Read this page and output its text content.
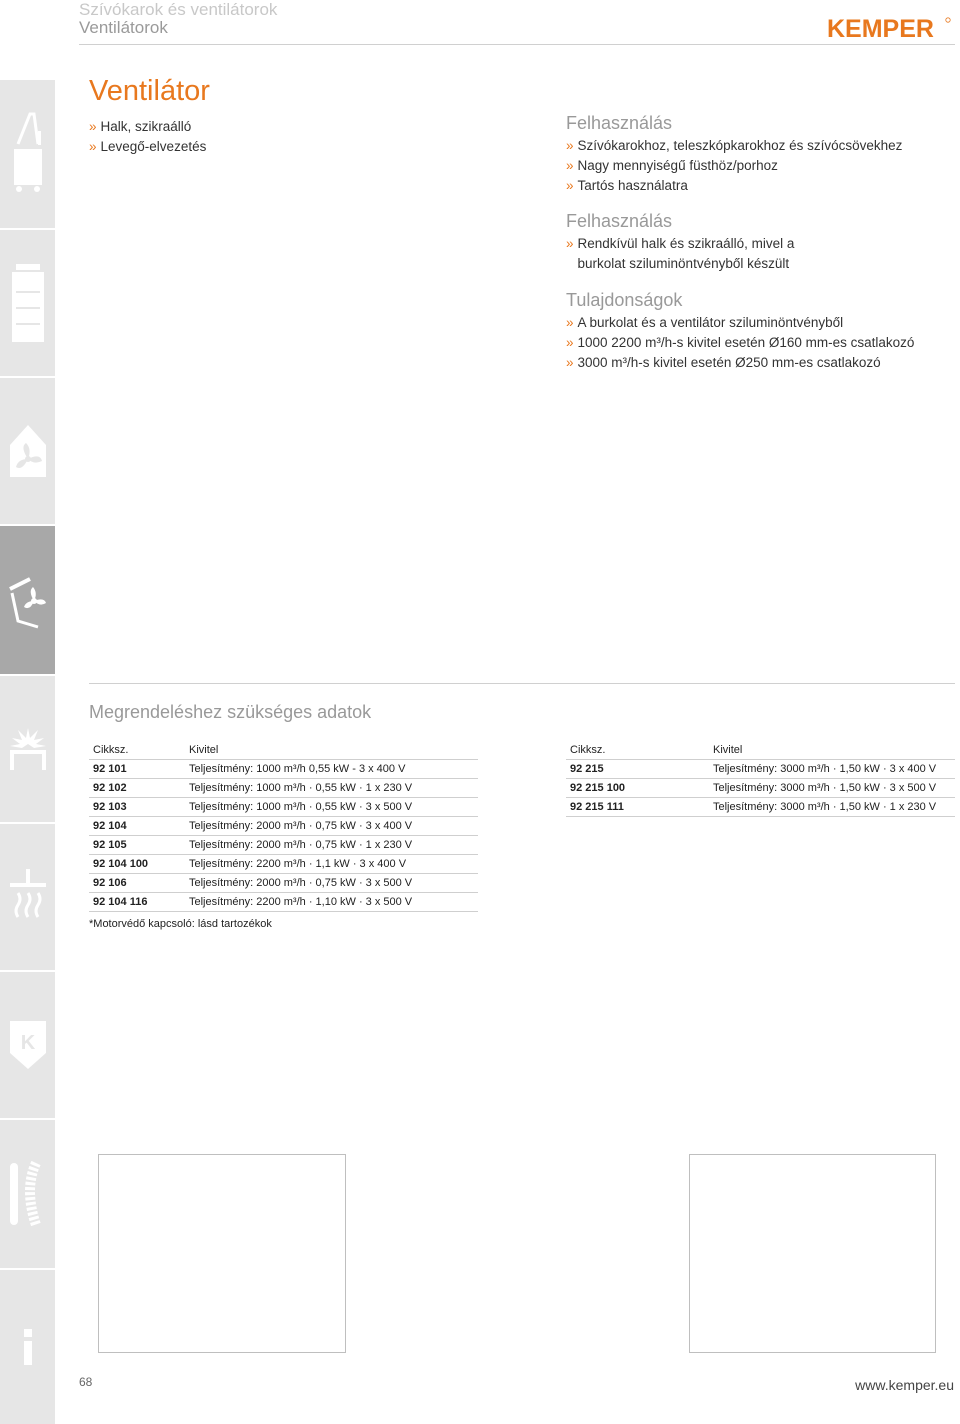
Szívókarok és ventilátorok
Ventilátorok	KEMPER
K
Ventilátor
» Halk, szikraálló
» Levegő-elvezetés
Felhasználás
» Szívókarokhoz, teleszkópkarokhoz és szívócsövekhez
» Nagy mennyiségű füsthöz/porhoz
» Tartós használatra
Felhasználás
» Rendkívül halk és szikraálló, mivel a
burkolat sziluminöntvényből készült
Tulajdonságok
» A burkolat és a ventilátor sziluminöntvényből
» 1000 2200 m³/h-s kivitel esetén Ø160 mm-es csatlakozó
» 3000 m³/h-s kivitel esetén Ø250 mm-es csatlakozó
Megrendeléshez szükséges adatok
Cikksz.	Kivitel
92 101	Teljesítmény: 1000 m³/h 0,55 kW - 3 x 400 V
92 102	Teljesítmény: 1000 m³/h · 0,55 kW · 1 x 230 V
92 103	Teljesítmény: 1000 m³/h · 0,55 kW · 3 x 500 V
92 104	Teljesítmény: 2000 m³/h · 0,75 kW · 3 x 400 V
92 105	Teljesítmény: 2000 m³/h · 0,75 kW · 1 x 230 V
92 104 100	Teljesítmény: 2200 m³/h · 1,1 kW · 3 x 400 V
92 106	Teljesítmény: 2000 m³/h · 0,75 kW · 3 x 500 V
92 104 116	Teljesítmény: 2200 m³/h · 1,10 kW · 3 x 500 V
*Motorvédő kapcsoló: lásd tartozékok
Cikksz.	Kivitel
92 215	Teljesítmény: 3000 m³/h · 1,50 kW · 3 x 400 V
92 215 100	Teljesítmény: 3000 m³/h · 1,50 kW · 3 x 500 V
92 215 111	Teljesítmény: 3000 m³/h · 1,50 kW · 1 x 230 V
68	www.kemper.eu
